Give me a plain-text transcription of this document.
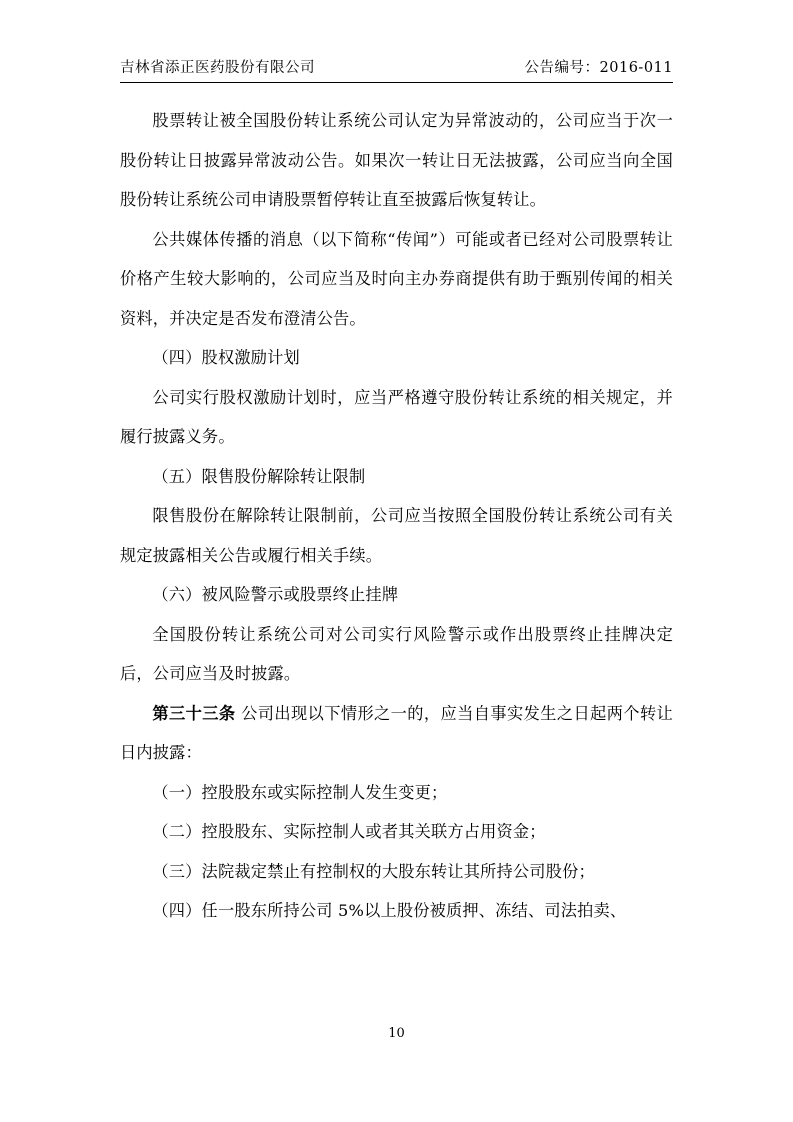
吉林省添正医药股份有限公司	公告编号：2016-011

股票转让被全国股份转让系统公司认定为异常波动的，公司应当于次一股份转让日披露异常波动公告。如果次一转让日无法披露，公司应当向全国股份转让系统公司申请股票暂停转让直至披露后恢复转让。

公共媒体传播的消息（以下简称“传闻”）可能或者已经对公司股票转让价格产生较大影响的，公司应当及时向主办券商提供有助于甄别传闻的相关资料，并决定是否发布澄清公告。

（四）股权激励计划

公司实行股权激励计划时，应当严格遵守股份转让系统的相关规定，并履行披露义务。

（五）限售股份解除转让限制

限售股份在解除转让限制前，公司应当按照全国股份转让系统公司有关规定披露相关公告或履行相关手续。

（六）被风险警示或股票终止挂牌

全国股份转让系统公司对公司实行风险警示或作出股票终止挂牌决定后，公司应当及时披露。

第三十三条 公司出现以下情形之一的，应当自事实发生之日起两个转让日内披露：

（一）控股股东或实际控制人发生变更；

（二）控股股东、实际控制人或者其关联方占用资金；

（三）法院裁定禁止有控制权的大股东转让其所持公司股份；

（四）任一股东所持公司 5%以上股份被质押、冻结、司法拍卖、

10
